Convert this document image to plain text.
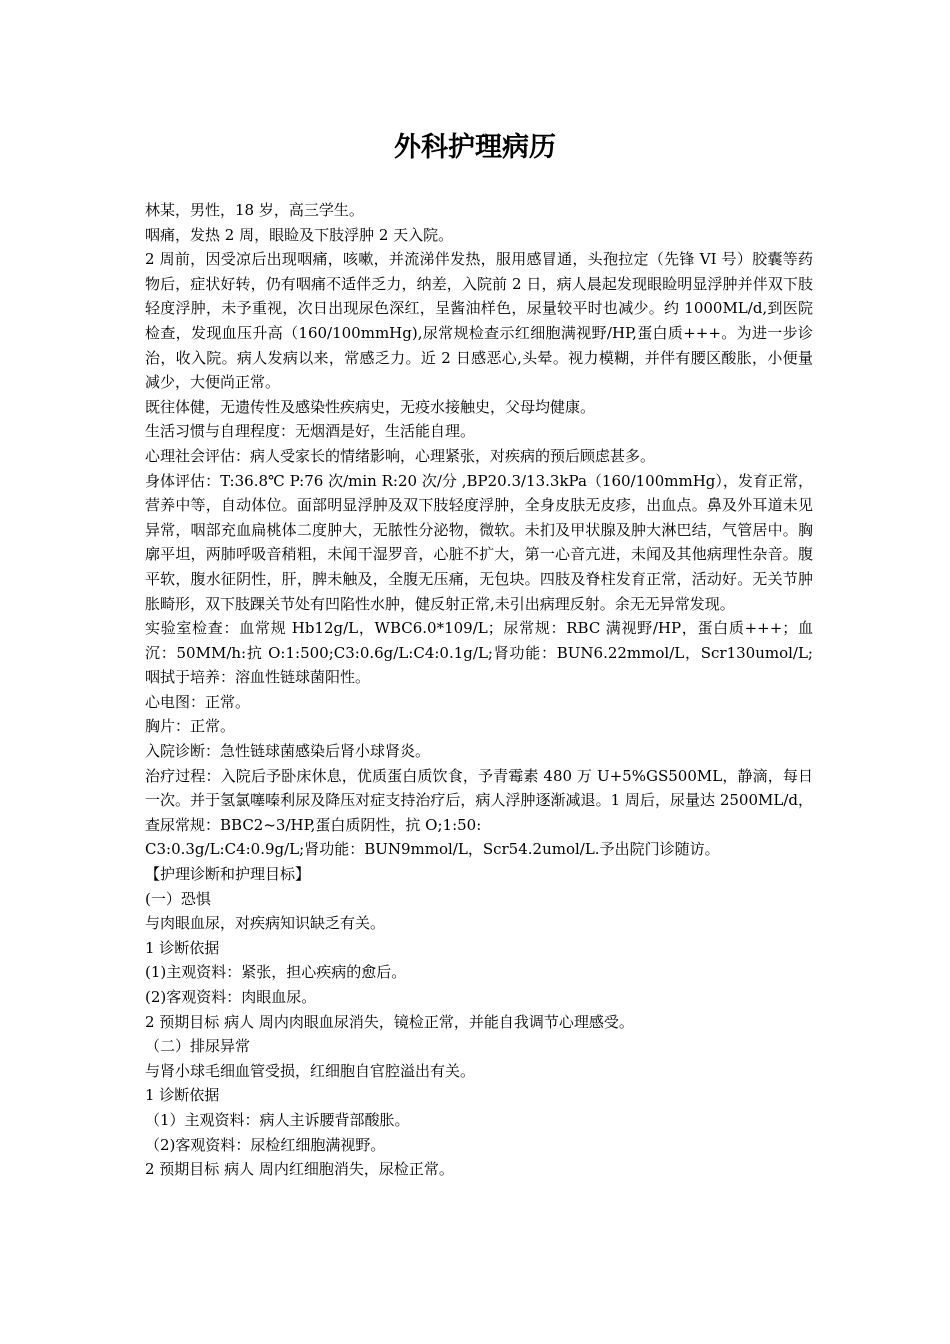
外科护理病历

林某，男性，18 岁，高三学生。

咽痛，发热 2 周，眼睑及下肢浮肿 2 天入院。

2 周前，因受凉后出现咽痛，咳嗽，并流涕伴发热，服用感冒通，头孢拉定（先锋 VI 号）胶囊等药物后，症状好转，仍有咽痛不适伴乏力，纳差，入院前 2 日，病人晨起发现眼睑明显浮肿并伴双下肢轻度浮肿，未予重视，次日出现尿色深红，呈酱油样色，尿量较平时也减少。约 1000ML/d,到医院检查，发现血压升高（160/100mmHg),尿常规检查示红细胞满视野/HP,蛋白质+++。为进一步诊治，收入院。病人发病以来，常感乏力。近 2 日感恶心,头晕。视力模糊，并伴有腰区酸胀，小便量减少，大便尚正常。

既往体健，无遗传性及感染性疾病史，无疫水接触史，父母均健康。

生活习惯与自理程度：无烟酒是好，生活能自理。

心理社会评估：病人受家长的情绪影响，心理紧张，对疾病的预后顾虑甚多。

身体评估：T:36.8℃ P:76 次/min R:20 次/分 ,BP20.3/13.3kPa（160/100mmHg），发育正常，营养中等，自动体位。面部明显浮肿及双下肢轻度浮肿，全身皮肤无皮疹，出血点。鼻及外耳道未见异常，咽部充血扁桃体二度肿大，无脓性分泌物，微软。未扪及甲状腺及肿大淋巴结，气管居中。胸廓平坦，两肺呼吸音稍粗，未闻干湿罗音，心脏不扩大，第一心音亢进，未闻及其他病理性杂音。腹平软，腹水征阴性，肝，脾未触及，全腹无压痛，无包块。四肢及脊柱发育正常，活动好。无关节肿胀畸形，双下肢踝关节处有凹陷性水肿，健反射正常,未引出病理反射。余无无异常发现。

实验室检查：血常规 Hb12g/L，WBC6.0*109/L；尿常规：RBC 满视野/HP，蛋白质+++；血沉：50MM/h:抗 O:1:500;C3:0.6g/L:C4:0.1g/L;肾功能：BUN6.22mmol/L，Scr130umol/L;咽拭于培养：溶血性链球菌阳性。

心电图：正常。

胸片：正常。

入院诊断：急性链球菌感染后肾小球肾炎。

治疗过程：入院后予卧床休息，优质蛋白质饮食，予青霉素 480 万 U+5%GS500ML，静滴，每日一次。并于氢氯噻嗪利尿及降压对症支持治疗后，病人浮肿逐渐减退。1 周后，尿量达 2500ML/d，查尿常规：BBC2~3/HP,蛋白质阴性，抗 O;1:50:

C3:0.3g/L:C4:0.9g/L;肾功能：BUN9mmol/L，Scr54.2umol/L.予出院门诊随访。

【护理诊断和护理目标】

(一）恐惧

与肉眼血尿，对疾病知识缺乏有关。

1 诊断依据

(1)主观资料：紧张，担心疾病的愈后。

(2)客观资料：肉眼血尿。

2 预期目标 病人 周内肉眼血尿消失，镜检正常，并能自我调节心理感受。

（二）排尿异常

与肾小球毛细血管受损，红细胞自官腔溢出有关。

1 诊断依据

（1）主观资料：病人主诉腰背部酸胀。

（2)客观资料：尿检红细胞满视野。

2 预期目标 病人 周内红细胞消失，尿检正常。
